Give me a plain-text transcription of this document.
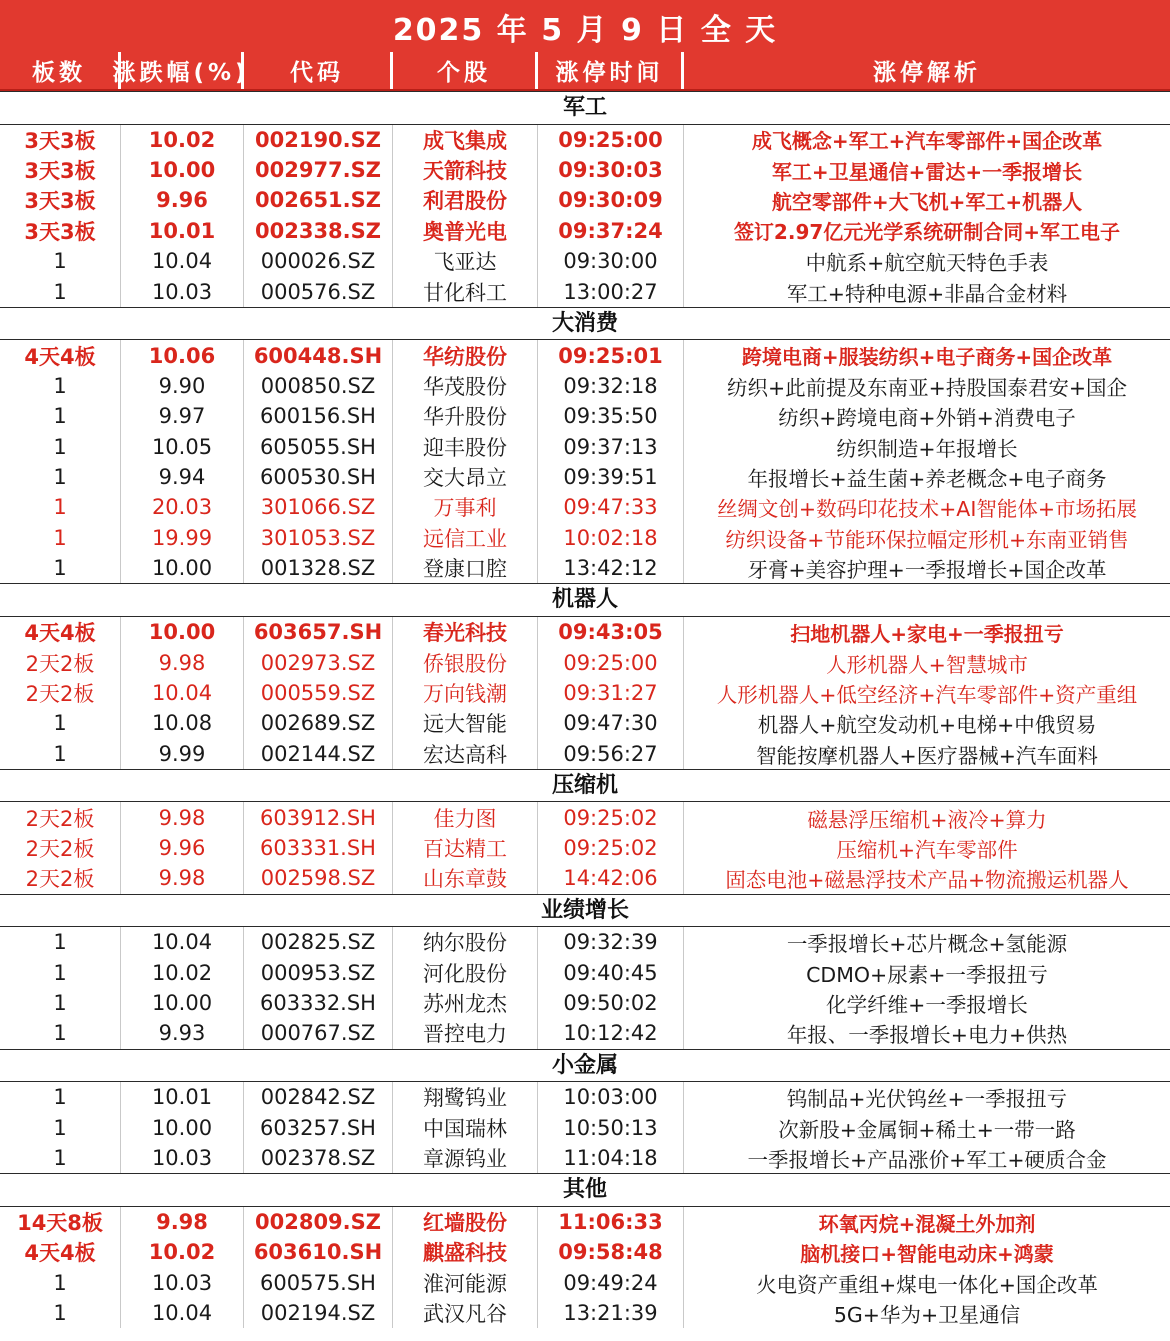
2025 年 5 月 9 日 全 天
板数	涨跌幅(%)	代码	个股	涨停时间	涨停解析
军工
3天3板	10.02	002190.SZ	成飞集成	09:25:00	成飞概念+军工+汽车零部件+国企改革
3天3板	10.00	002977.SZ	天箭科技	09:30:03	军工+卫星通信+雷达+一季报增长
3天3板	9.96	002651.SZ	利君股份	09:30:09	航空零部件+大飞机+军工+机器人
3天3板	10.01	002338.SZ	奥普光电	09:37:24	签订2.97亿元光学系统研制合同+军工电子
1	10.04	000026.SZ	飞亚达	09:30:00	中航系+航空航天特色手表
1	10.03	000576.SZ	甘化科工	13:00:27	军工+特种电源+非晶合金材料
大消费
4天4板	10.06	600448.SH	华纺股份	09:25:01	跨境电商+服装纺织+电子商务+国企改革
1	9.90	000850.SZ	华茂股份	09:32:18	纺织+此前提及东南亚+持股国泰君安+国企
1	9.97	600156.SH	华升股份	09:35:50	纺织+跨境电商+外销+消费电子
1	10.05	605055.SH	迎丰股份	09:37:13	纺织制造+年报增长
1	9.94	600530.SH	交大昂立	09:39:51	年报增长+益生菌+养老概念+电子商务
1	20.03	301066.SZ	万事利	09:47:33	丝绸文创+数码印花技术+AI智能体+市场拓展
1	19.99	301053.SZ	远信工业	10:02:18	纺织设备+节能环保拉幅定形机+东南亚销售
1	10.00	001328.SZ	登康口腔	13:42:12	牙膏+美容护理+一季报增长+国企改革
机器人
4天4板	10.00	603657.SH	春光科技	09:43:05	扫地机器人+家电+一季报扭亏
2天2板	9.98	002973.SZ	侨银股份	09:25:00	人形机器人+智慧城市
2天2板	10.04	000559.SZ	万向钱潮	09:31:27	人形机器人+低空经济+汽车零部件+资产重组
1	10.08	002689.SZ	远大智能	09:47:30	机器人+航空发动机+电梯+中俄贸易
1	9.99	002144.SZ	宏达高科	09:56:27	智能按摩机器人+医疗器械+汽车面料
压缩机
2天2板	9.98	603912.SH	佳力图	09:25:02	磁悬浮压缩机+液冷+算力
2天2板	9.96	603331.SH	百达精工	09:25:02	压缩机+汽车零部件
2天2板	9.98	002598.SZ	山东章鼓	14:42:06	固态电池+磁悬浮技术产品+物流搬运机器人
业绩增长
1	10.04	002825.SZ	纳尔股份	09:32:39	一季报增长+芯片概念+氢能源
1	10.02	000953.SZ	河化股份	09:40:45	CDMO+尿素+一季报扭亏
1	10.00	603332.SH	苏州龙杰	09:50:02	化学纤维+一季报增长
1	9.93	000767.SZ	晋控电力	10:12:42	年报、一季报增长+电力+供热
小金属
1	10.01	002842.SZ	翔鹭钨业	10:03:00	钨制品+光伏钨丝+一季报扭亏
1	10.00	603257.SH	中国瑞林	10:50:13	次新股+金属铜+稀土+一带一路
1	10.03	002378.SZ	章源钨业	11:04:18	一季报增长+产品涨价+军工+硬质合金
其他
14天8板	9.98	002809.SZ	红墙股份	11:06:33	环氧丙烷+混凝土外加剂
4天4板	10.02	603610.SH	麒盛科技	09:58:48	脑机接口+智能电动床+鸿蒙
1	10.03	600575.SH	淮河能源	09:49:24	火电资产重组+煤电一体化+国企改革
1	10.04	002194.SZ	武汉凡谷	13:21:39	5G+华为+卫星通信
